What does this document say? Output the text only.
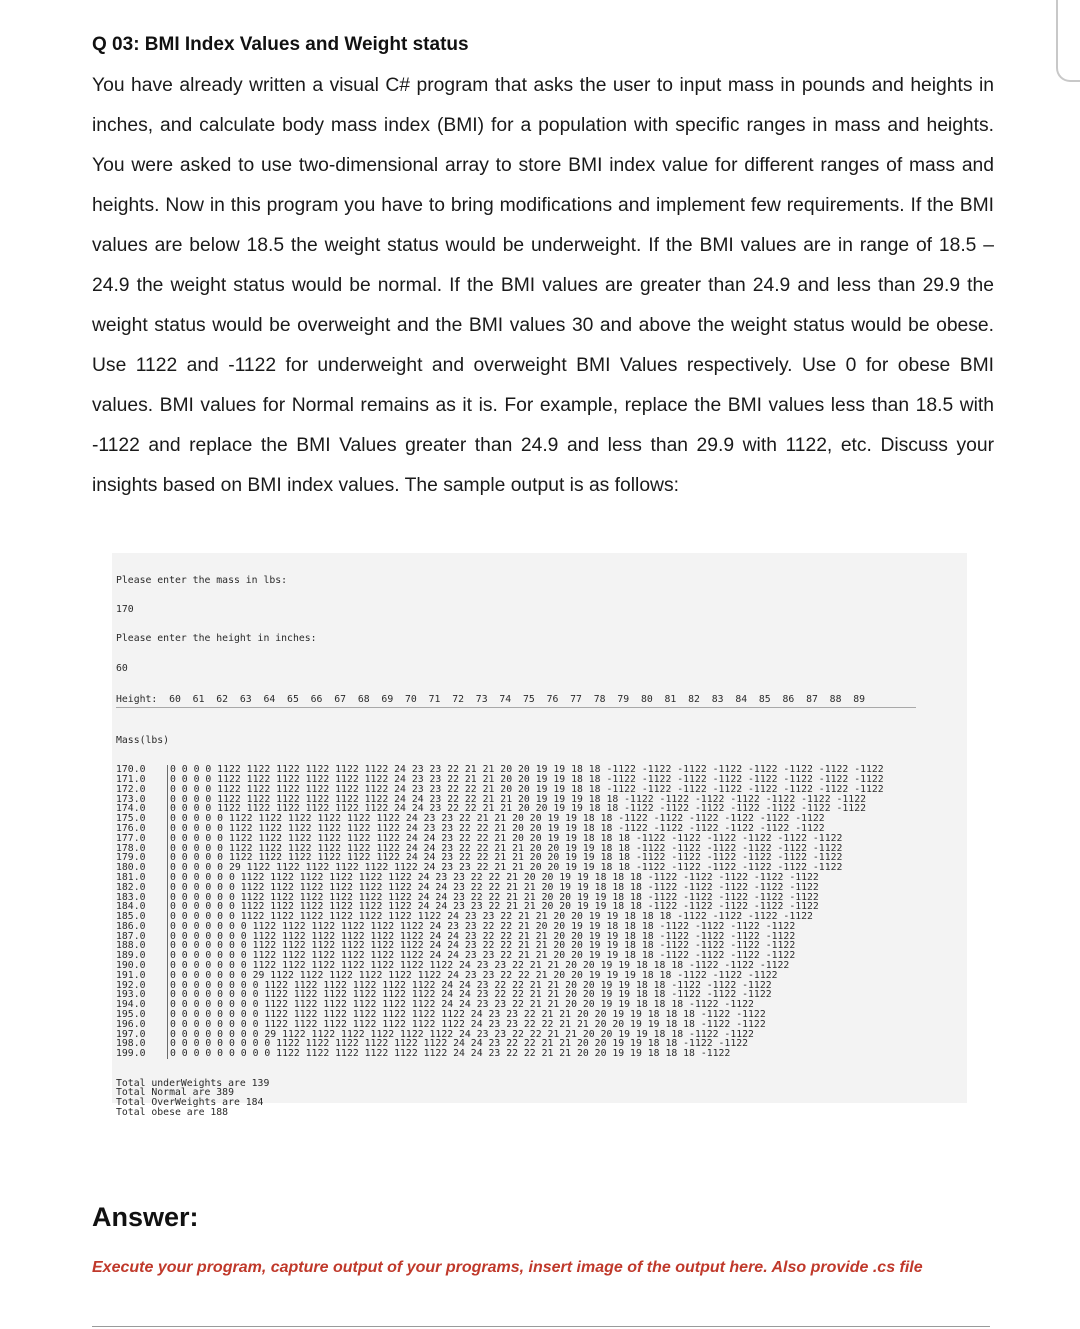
Q 03: BMI Index Values and Weight status
You have already written a visual C# program that asks the user to input mass in pounds and heights in inches, and calculate body mass index (BMI) for a population with specific ranges in mass and heights. You were asked to use two-dimensional array to store BMI index value for different ranges of mass and heights. Now in this program you have to bring modifications and implement few requirements. If the BMI values are below 18.5 the weight status would be underweight. If the BMI values are in range of 18.5 – 24.9 the weight status would be normal. If the BMI values are greater than 24.9 and less than 29.9 the weight status would be overweight and the BMI values 30 and above the weight status would be obese. Use 1122 and -1122 for underweight and overweight BMI Values respectively. Use 0 for obese BMI values. BMI values for Normal remains as it is. For example, replace the BMI values less than 18.5 with -1122 and replace the BMI Values greater than 24.9 and less than 29.9 with 1122, etc. Discuss your insights based on BMI index values. The sample output is as follows:

Please enter the mass in lbs:

170

Please enter the height in inches:

60

Height:  60  61  62  63  64  65  66  67  68  69  70  71  72  73  74  75  76  77  78  79  80  81  82  83  84  85  86  87  88  89

Mass(lbs)

170.0	0 0 0 0 1122 1122 1122 1122 1122 1122 24 23 23 22 21 21 20 20 19 19 18 18 -1122 -1122 -1122 -1122 -1122 -1122 -1122 -1122
171.0	0 0 0 0 1122 1122 1122 1122 1122 1122 24 23 23 22 21 21 20 20 19 19 18 18 -1122 -1122 -1122 -1122 -1122 -1122 -1122 -1122
172.0	0 0 0 0 1122 1122 1122 1122 1122 1122 24 23 23 22 22 21 20 20 19 19 18 18 -1122 -1122 -1122 -1122 -1122 -1122 -1122 -1122
173.0	0 0 0 0 1122 1122 1122 1122 1122 1122 24 24 23 22 22 21 21 20 19 19 19 18 18 -1122 -1122 -1122 -1122 -1122 -1122 -1122
174.0	0 0 0 0 1122 1122 1122 1122 1122 1122 24 24 23 22 22 21 21 20 20 19 19 18 18 -1122 -1122 -1122 -1122 -1122 -1122 -1122
175.0	0 0 0 0 0 1122 1122 1122 1122 1122 1122 24 23 23 22 21 21 20 20 19 19 18 18 -1122 -1122 -1122 -1122 -1122 -1122
176.0	0 0 0 0 0 1122 1122 1122 1122 1122 1122 24 23 23 22 22 21 20 20 19 19 18 18 -1122 -1122 -1122 -1122 -1122 -1122
177.0	0 0 0 0 0 1122 1122 1122 1122 1122 1122 24 24 23 22 22 21 20 20 19 19 18 18 18 -1122 -1122 -1122 -1122 -1122 -1122
178.0	0 0 0 0 0 1122 1122 1122 1122 1122 1122 24 24 23 22 22 21 21 20 20 19 19 18 18 -1122 -1122 -1122 -1122 -1122 -1122
179.0	0 0 0 0 0 1122 1122 1122 1122 1122 1122 24 24 23 22 22 21 21 20 20 19 19 18 18 -1122 -1122 -1122 -1122 -1122 -1122
180.0	0 0 0 0 0 29 1122 1122 1122 1122 1122 1122 24 23 23 22 21 21 20 20 19 19 18 18 -1122 -1122 -1122 -1122 -1122 -1122
181.0	0 0 0 0 0 0 1122 1122 1122 1122 1122 1122 24 23 23 22 22 21 20 20 19 19 18 18 18 -1122 -1122 -1122 -1122 -1122
182.0	0 0 0 0 0 0 1122 1122 1122 1122 1122 1122 24 24 23 22 22 21 21 20 19 19 18 18 18 -1122 -1122 -1122 -1122 -1122
183.0	0 0 0 0 0 0 1122 1122 1122 1122 1122 1122 24 24 23 22 22 21 21 20 20 19 19 18 18 -1122 -1122 -1122 -1122 -1122
184.0	0 0 0 0 0 0 1122 1122 1122 1122 1122 1122 24 24 23 23 22 21 21 20 20 19 19 18 18 -1122 -1122 -1122 -1122 -1122
185.0	0 0 0 0 0 0 1122 1122 1122 1122 1122 1122 1122 24 23 23 22 21 21 20 20 19 19 18 18 18 -1122 -1122 -1122 -1122
186.0	0 0 0 0 0 0 0 1122 1122 1122 1122 1122 1122 24 23 23 22 22 21 20 20 19 19 18 18 18 -1122 -1122 -1122 -1122
187.0	0 0 0 0 0 0 0 1122 1122 1122 1122 1122 1122 24 24 23 22 22 21 21 20 20 19 19 18 18 -1122 -1122 -1122 -1122
188.0	0 0 0 0 0 0 0 1122 1122 1122 1122 1122 1122 24 24 23 22 22 21 21 20 20 19 19 18 18 -1122 -1122 -1122 -1122
189.0	0 0 0 0 0 0 0 1122 1122 1122 1122 1122 1122 24 24 23 23 22 21 21 20 20 19 19 18 18 -1122 -1122 -1122 -1122
190.0	0 0 0 0 0 0 0 1122 1122 1122 1122 1122 1122 1122 24 23 23 22 21 21 20 20 19 19 18 18 18 -1122 -1122 -1122
191.0	0 0 0 0 0 0 0 29 1122 1122 1122 1122 1122 1122 24 23 23 22 22 21 20 20 19 19 19 18 18 -1122 -1122 -1122
192.0	0 0 0 0 0 0 0 0 1122 1122 1122 1122 1122 1122 24 24 23 22 22 21 21 20 20 19 19 18 18 -1122 -1122 -1122
193.0	0 0 0 0 0 0 0 0 1122 1122 1122 1122 1122 1122 24 24 23 22 22 21 21 20 20 19 19 18 18 -1122 -1122 -1122
194.0	0 0 0 0 0 0 0 0 1122 1122 1122 1122 1122 1122 24 24 23 23 22 21 21 20 20 19 19 18 18 18 -1122 -1122
195.0	0 0 0 0 0 0 0 0 1122 1122 1122 1122 1122 1122 1122 24 23 23 22 21 21 20 20 19 19 18 18 18 -1122 -1122
196.0	0 0 0 0 0 0 0 0 1122 1122 1122 1122 1122 1122 1122 24 23 23 22 22 21 21 20 20 19 19 18 18 -1122 -1122
197.0	0 0 0 0 0 0 0 0 29 1122 1122 1122 1122 1122 1122 24 23 23 22 22 21 21 20 20 19 19 18 18 -1122 -1122
198.0	0 0 0 0 0 0 0 0 0 1122 1122 1122 1122 1122 1122 24 24 23 22 22 21 21 20 20 19 19 18 18 -1122 -1122
199.0	0 0 0 0 0 0 0 0 0 1122 1122 1122 1122 1122 1122 24 24 23 22 22 21 21 20 20 19 19 18 18 18 -1122

Total underWeights are 139
Total Normal are 389
Total OverWeights are 184
Total obese are 188

Answer:
Execute your program, capture output of your programs, insert image of the output here. Also provide .cs file
